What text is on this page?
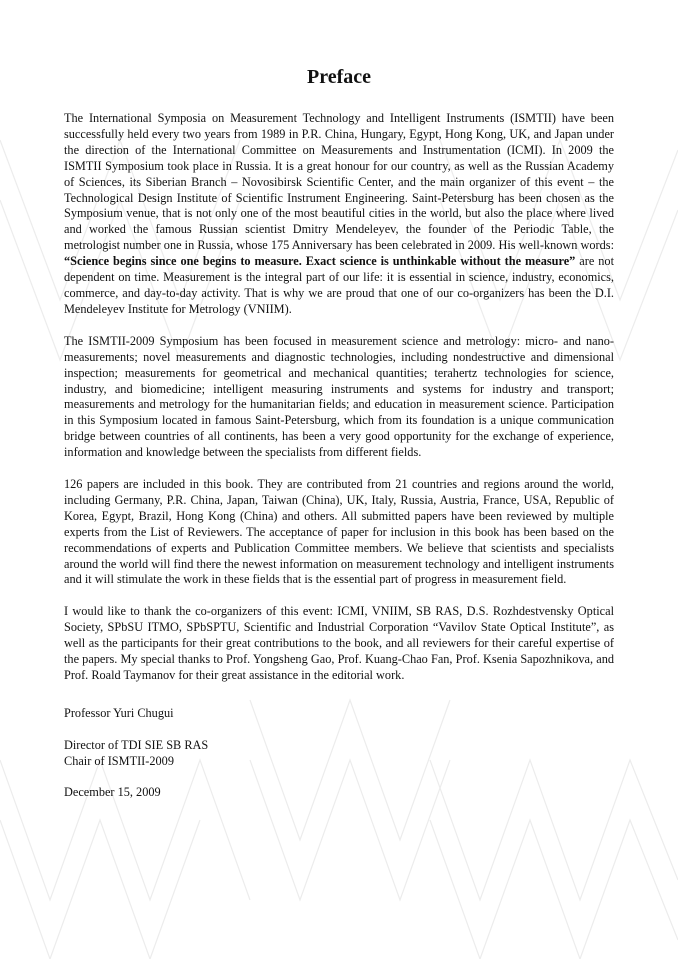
Preface

The International Symposia on Measurement Technology and Intelligent Instruments (ISMTII) have been successfully held every two years from 1989 in P.R. China, Hungary, Egypt, Hong Kong, UK, and Japan under the direction of the International Committee on Measurements and Instrumentation (ICMI). In 2009 the ISMTII Symposium took place in Russia. It is a great honour for our country, as well as the Russian Academy of Sciences, its Siberian Branch – Novosibirsk Scientific Center, and the main organizer of this event – the Technological Design Institute of Scientific Instrument Engineering. Saint-Petersburg has been chosen as the Symposium venue, that is not only one of the most beautiful cities in the world, but also the place where lived and worked the famous Russian scientist Dmitry Mendeleyev, the founder of the Periodic Table, the metrologist number one in Russia, whose 175 Anniversary has been celebrated in 2009. His well-known words: “Science begins since one begins to measure. Exact science is unthinkable without the measure” are not dependent on time. Measurement is the integral part of our life: it is essential in science, industry, economics, commerce, and day-to-day activity. That is why we are proud that one of our co-organizers has been the D.I. Mendeleyev Institute for Metrology (VNIIM).

The ISMTII-2009 Symposium has been focused in measurement science and metrology: micro- and nano- measurements; novel measurements and diagnostic technologies, including nondestructive and dimensional inspection; measurements for geometrical and mechanical quantities; terahertz technologies for science, industry, and biomedicine; intelligent measuring instruments and systems for industry and transport; measurements and metrology for the humanitarian fields; and education in measurement science. Participation in this Symposium located in famous Saint-Petersburg, which from its foundation is a unique communication bridge between countries of all continents, has been a very good opportunity for the exchange of experience, information and knowledge between the specialists from different fields.

126 papers are included in this book. They are contributed from 21 countries and regions around the world, including Germany, P.R. China, Japan, Taiwan (China), UK, Italy, Russia, Austria, France, USA, Republic of Korea, Egypt, Brazil, Hong Kong (China) and others. All submitted papers have been reviewed by multiple experts from the List of Reviewers. The acceptance of paper for inclusion in this book has been based on the recommendations of experts and Publication Committee members. We believe that scientists and specialists around the world will find there the newest information on measurement technology and intelligent instruments and it will stimulate the work in these fields that is the essential part of progress in measurement field.

I would like to thank the co-organizers of this event: ICMI, VNIIM, SB RAS, D.S. Rozhdestvensky Optical Society, SPbSU ITMO, SPbSPTU, Scientific and Industrial Corporation “Vavilov State Optical Institute”, as well as the participants for their great contributions to the book, and all reviewers for their careful expertise of the papers. My special thanks to Prof. Yongsheng Gao, Prof. Kuang-Chao Fan, Prof. Ksenia Sapozhnikova, and Prof. Roald Taymanov for their great assistance in the editorial work.

Professor Yuri Chugui

Director of TDI SIE SB RAS

Chair of ISMTII-2009

December 15, 2009
